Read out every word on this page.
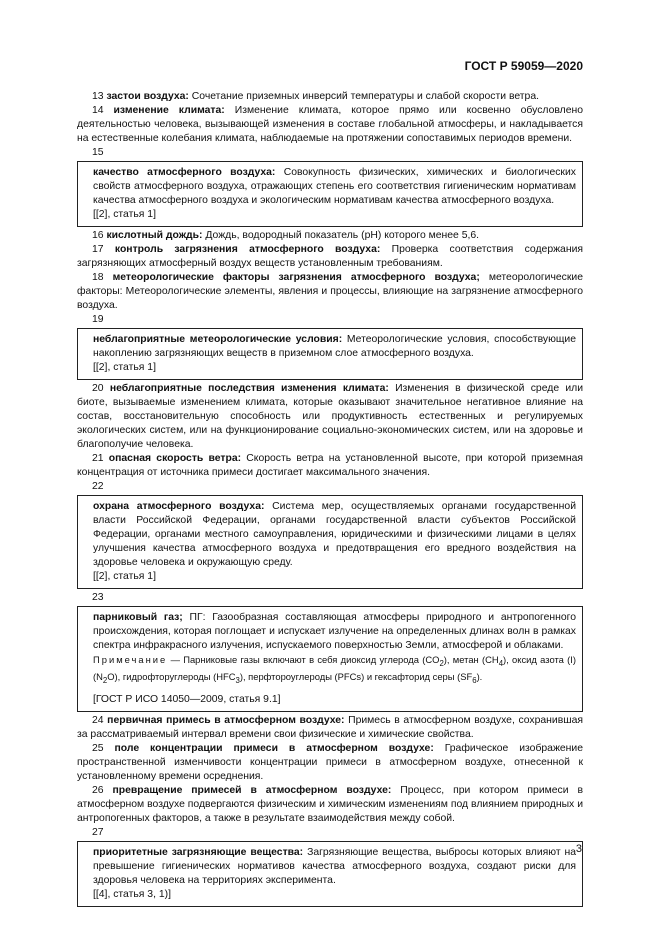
ГОСТ Р 59059—2020

13 застои воздуха: Сочетание приземных инверсий температуры и слабой скорости ветра.

14 изменение климата: Изменение климата, которое прямо или косвенно обусловлено деятельностью человека, вызывающей изменения в составе глобальной атмосферы, и накладывается на естественные колебания климата, наблюдаемые на протяжении сопоставимых периодов времени.

15

качество атмосферного воздуха: Совокупность физических, химических и биологических свойств атмосферного воздуха, отражающих степень его соответствия гигиеническим нормативам качества атмосферного воздуха и экологическим нормативам качества атмосферного воздуха.

[[2], статья 1]

16 кислотный дождь: Дождь, водородный показатель (pH) которого менее 5,6.

17 контроль загрязнения атмосферного воздуха: Проверка соответствия содержания загрязняющих атмосферный воздух веществ установленным требованиям.

18 метеорологические факторы загрязнения атмосферного воздуха; метеорологические факторы: Метеорологические элементы, явления и процессы, влияющие на загрязнение атмосферного воздуха.

19

неблагоприятные метеорологические условия: Метеорологические условия, способствующие накоплению загрязняющих веществ в приземном слое атмосферного воздуха.

[[2], статья 1]

20 неблагоприятные последствия изменения климата: Изменения в физической среде или биоте, вызываемые изменением климата, которые оказывают значительное негативное влияние на состав, восстановительную способность или продуктивность естественных и регулируемых экологических систем, или на функционирование социально-экономических систем, или на здоровье и благополучие человека.

21 опасная скорость ветра: Скорость ветра на установленной высоте, при которой приземная концентрация от источника примеси достигает максимального значения.

22

охрана атмосферного воздуха: Система мер, осуществляемых органами государственной власти Российской Федерации, органами государственной власти субъектов Российской Федерации, органами местного самоуправления, юридическими и физическими лицами в целях улучшения качества атмосферного воздуха и предотвращения его вредного воздействия на здоровье человека и окружающую среду.

[[2], статья 1]

23

парниковый газ; ПГ: Газообразная составляющая атмосферы природного и антропогенного происхождения, которая поглощает и испускает излучение на определенных длинах волн в рамках спектра инфракрасного излучения, испускаемого поверхностью Земли, атмосферой и облаками.

Примечание — Парниковые газы включают в себя диоксид углерода $(CO_2)$, метан $(CH_4)$, оксид азота (I) $(N_2O)$, гидрофторуглероды $(HFC_3)$, перфтороуглероды (PFCs) и гексафторид серы $(SF_6)$.

[ГОСТ Р ИСО 14050—2009, статья 9.1]

24 первичная примесь в атмосферном воздухе: Примесь в атмосферном воздухе, сохранившая за рассматриваемый интервал времени свои физические и химические свойства.

25 поле концентрации примеси в атмосферном воздухе: Графическое изображение пространственной изменчивости концентрации примеси в атмосферном воздухе, отнесенной к установленному времени осреднения.

26 превращение примесей в атмосферном воздухе: Процесс, при котором примеси в атмосферном воздухе подвергаются физическим и химическим изменениям под влиянием природных и антропогенных факторов, а также в результате взаимодействия между собой.

27

приоритетные загрязняющие вещества: Загрязняющие вещества, выбросы которых влияют на превышение гигиенических нормативов качества атмосферного воздуха, создают риски для здоровья человека на территориях эксперимента.

[[4], статья 3, 1)]

3
